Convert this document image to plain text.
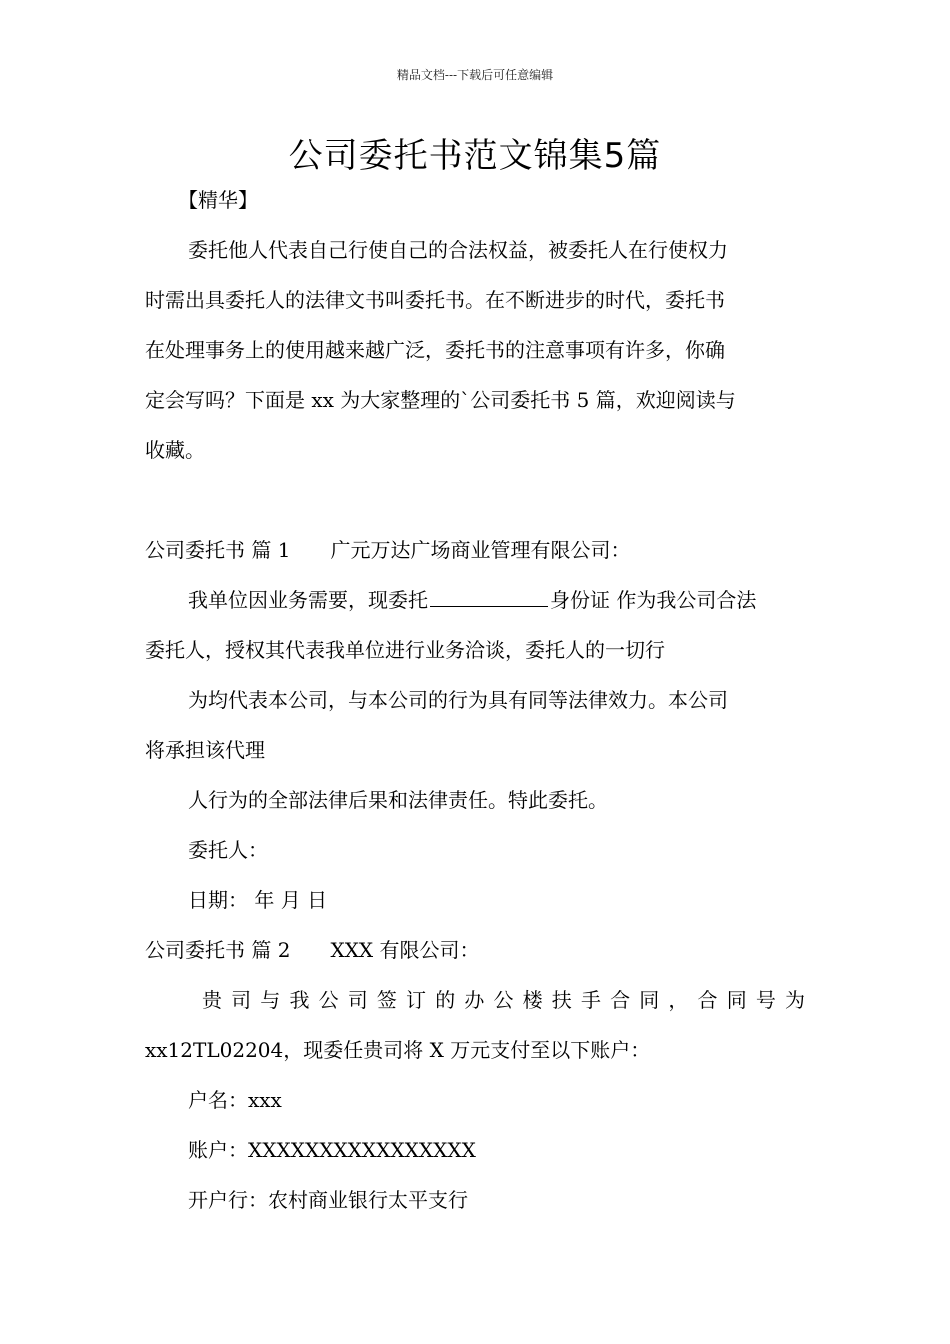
精品文档---下载后可任意编辑
公司委托书范文锦集5篇
【精华】
委托他人代表自己行使自己的合法权益，被委托人在行使权力
时需出具委托人的法律文书叫委托书。在不断进步的时代，委托书
在处理事务上的使用越来越广泛，委托书的注意事项有许多，你确
定会写吗？下面是 xx 为大家整理的`公司委托书 5 篇，欢迎阅读与
收藏。
公司委托书 篇 1 广元万达广场商业管理有限公司：
我单位因业务需要，现委托	身份证 作为我公司合法
委托人，授权其代表我单位进行业务洽谈，委托人的一切行
为均代表本公司，与本公司的行为具有同等法律效力。本公司
将承担该代理
人行为的全部法律后果和法律责任。特此委托。
委托人：
日期： 年 月 日
公司委托书 篇 2 XXX 有限公司：
贵司与我公司签订的办公楼扶手合同，合同号为
xx12TL02204，现委任贵司将 X 万元支付至以下账户：
户名：xxx
账户：XXXXXXXXXXXXXXXX
开户行：农村商业银行太平支行
